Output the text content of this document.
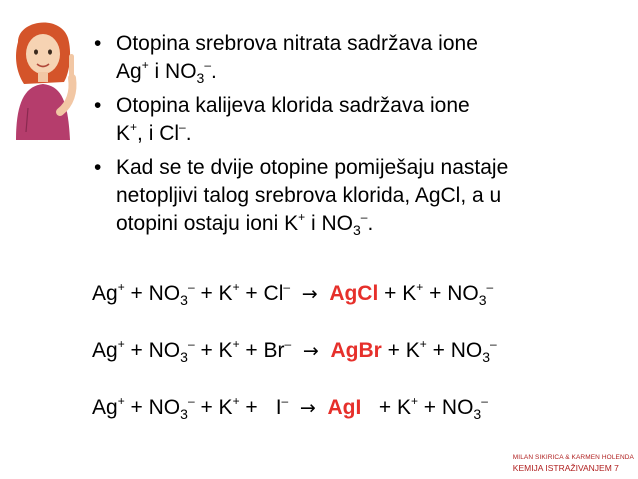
• Otopina srebrova nitrata sadržava ione
Ag+ i $NO_3^-$.
• Otopina kalijeva klorida sadržava ione
K+, i Cl–.
• Kad se te dvije otopine pomiješaju nastaje
netopljivi talog srebrova klorida, AgCl, a u
otopini ostaju ioni K+ i $NO_3^-$.
$Ag^+ + NO_3^- + K^+ + Cl^-$ → AgCl + $K^+ + NO_3^-$
$Ag^+ + NO_3^- + K^+ + Br^-$ → AgBr + $K^+ + NO_3^-$
$Ag^+ + NO_3^- + K^+ + I^-$ → AgI + $K^+ + NO_3^-$
MILAN SIKIRICA & KARMEN HOLENDA
KEMIJA ISTRAŽIVANJEM 7
